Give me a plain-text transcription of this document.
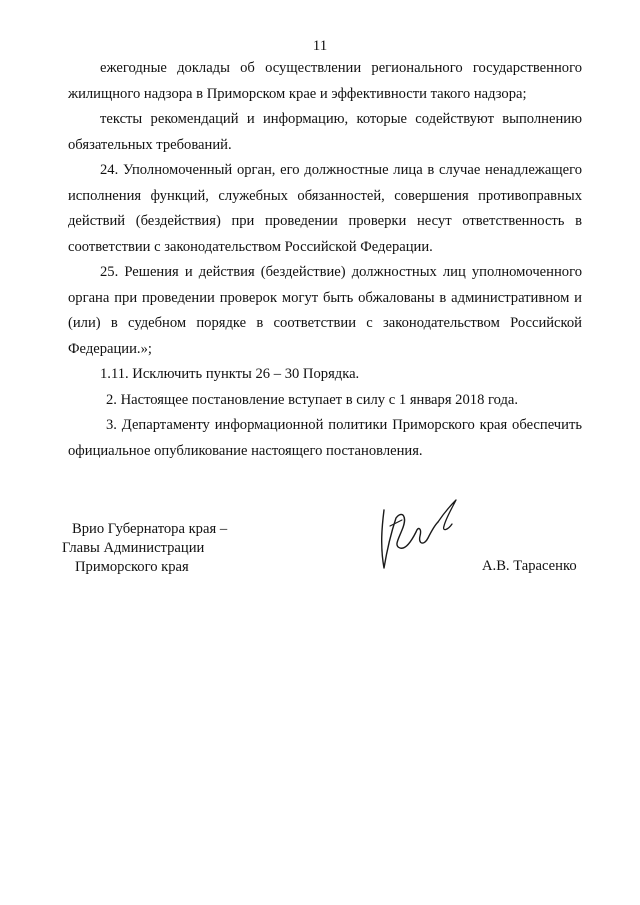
11

ежегодные доклады об осуществлении регионального государственного жилищного надзора в Приморском крае и эффективности такого надзора;

тексты рекомендаций и информацию, которые содействуют выполнению обязательных требований.

24. Уполномоченный орган, его должностные лица в случае ненадлежащего исполнения функций, служебных обязанностей, совершения противоправных действий (бездействия) при проведении проверки несут ответственность в соответствии с законодательством Российской Федерации.

25. Решения и действия (бездействие) должностных лиц уполномоченного органа при проведении проверок могут быть обжалованы в административном и (или) в судебном порядке в соответствии с законодательством Российской Федерации.»;

1.11. Исключить пункты 26 – 30 Порядка.

2. Настоящее постановление вступает в силу с 1 января 2018 года.

3. Департаменту информационной политики Приморского края обеспечить официальное опубликование настоящего постановления.

Врио Губернатора края –
Главы Администрации
Приморского края	А.В. Тарасенко
